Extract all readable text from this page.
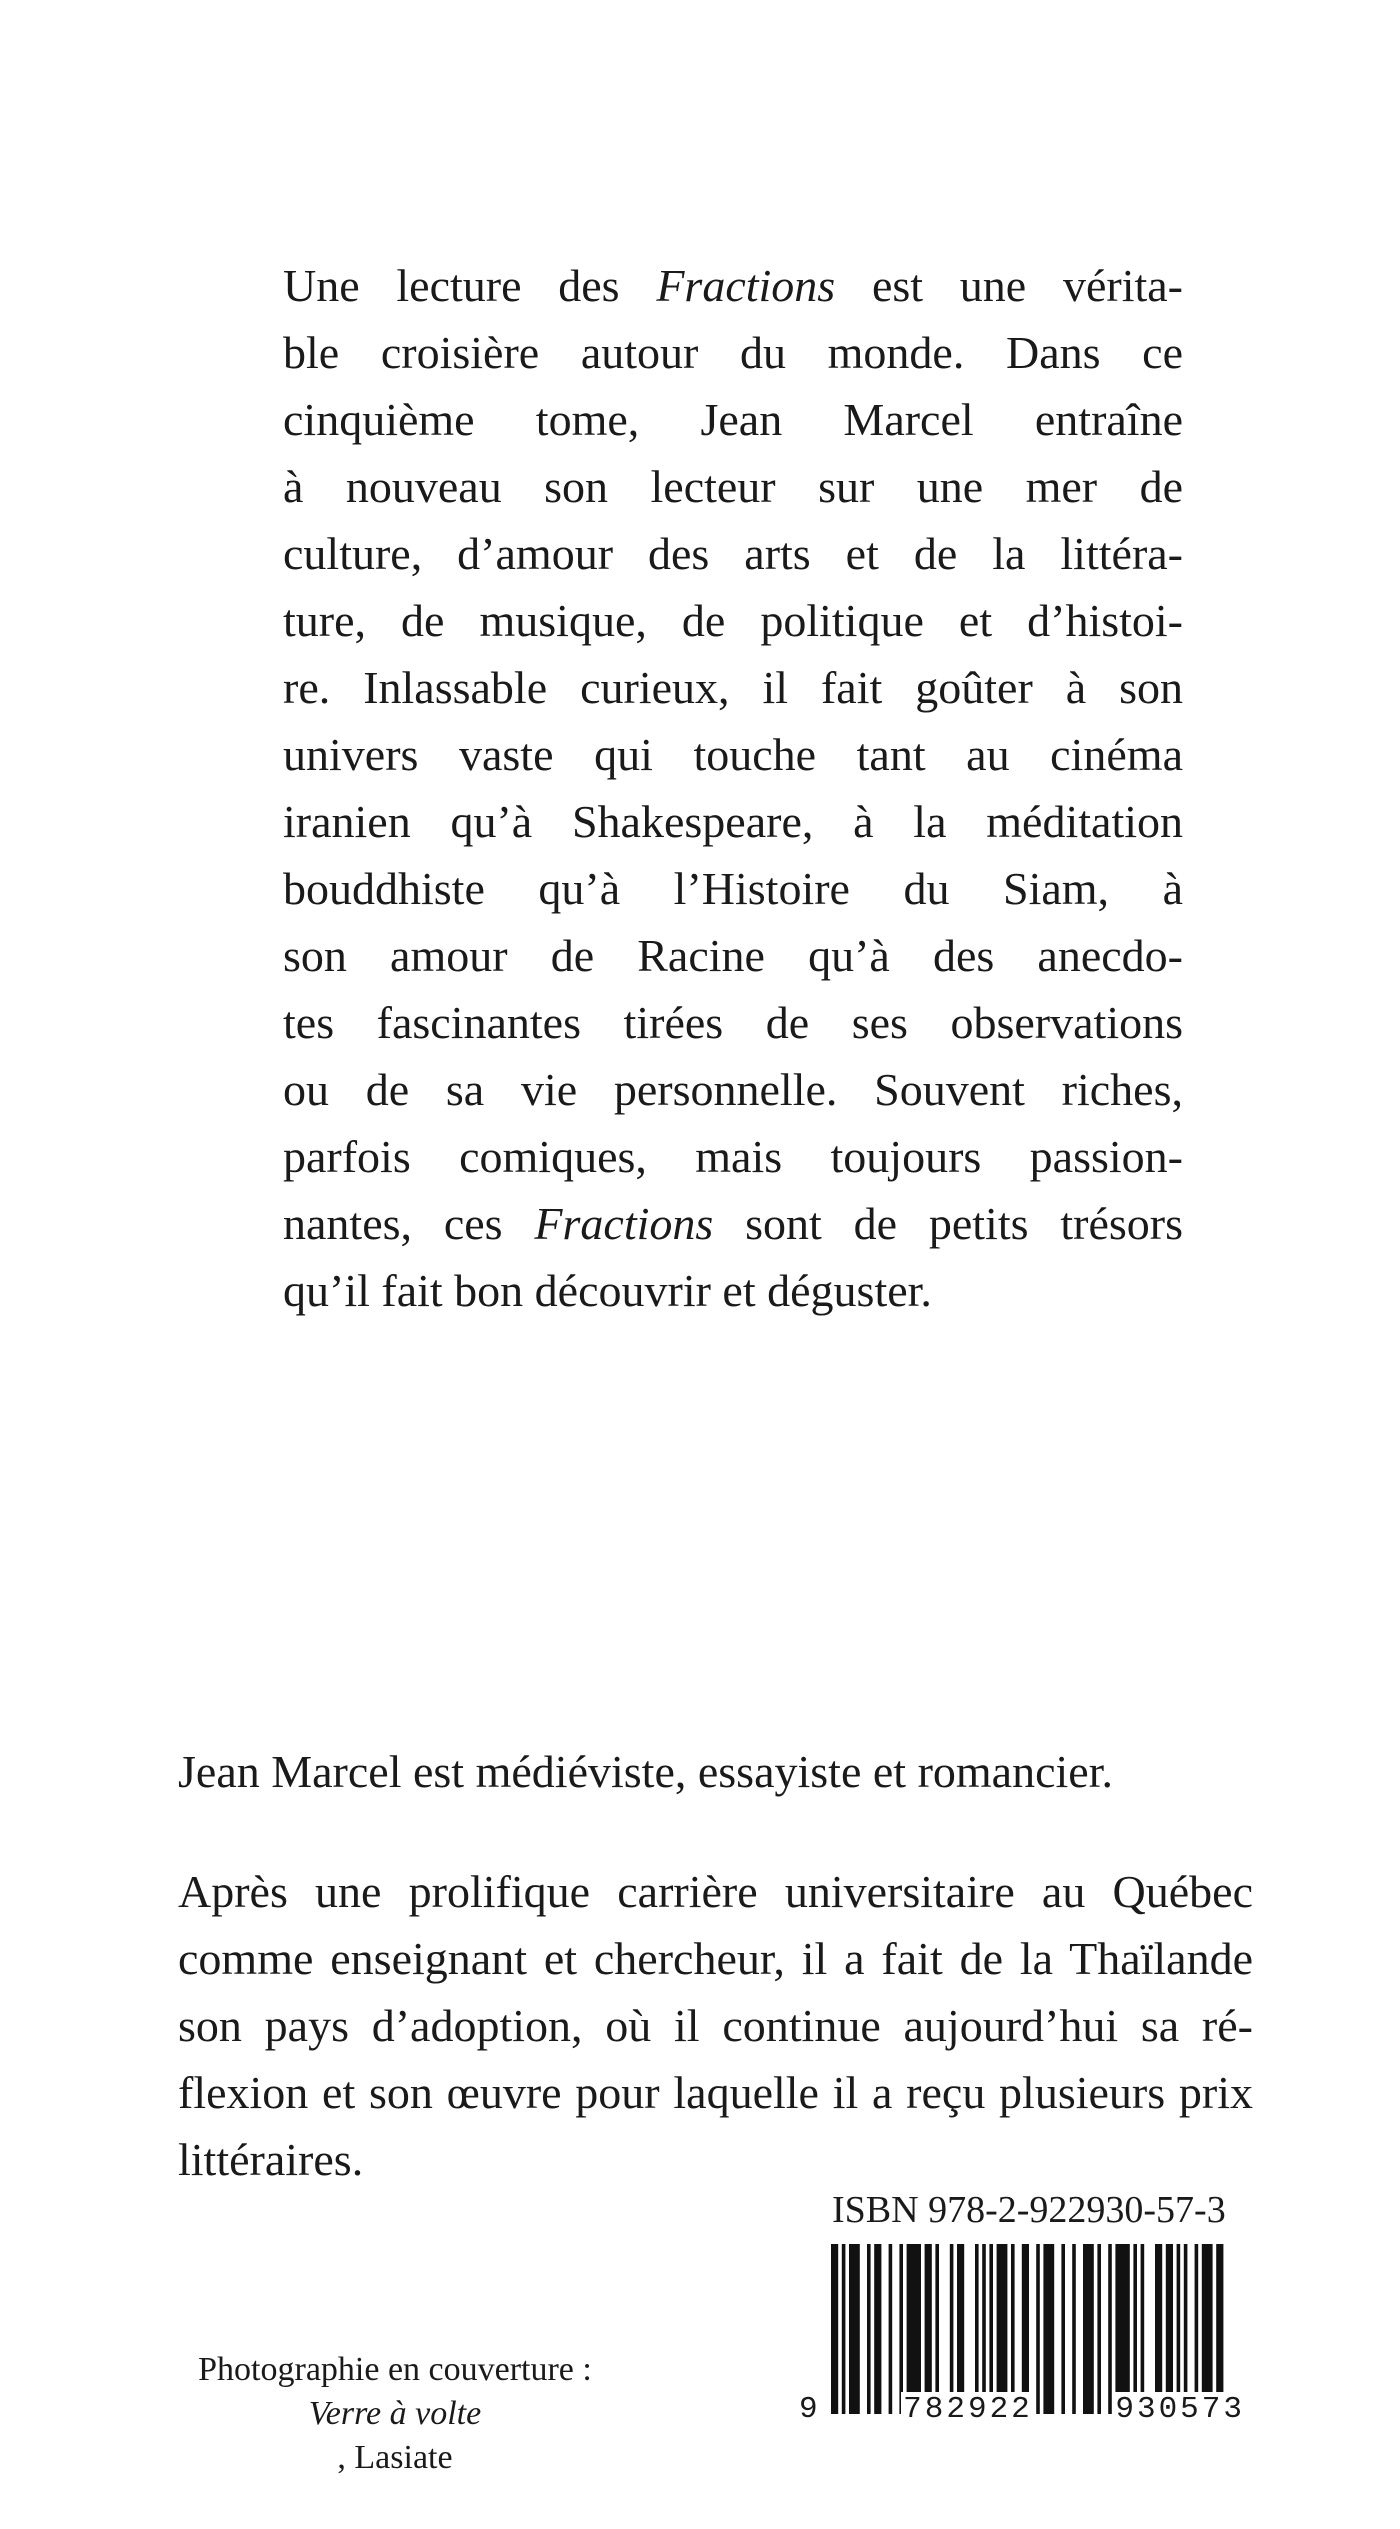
Une lecture des Fractions est une vérita-
ble croisière autour du monde. Dans ce
cinquième tome, Jean Marcel entraîne
à nouveau son lecteur sur une mer de
culture, d’amour des arts et de la littéra-
ture, de musique, de politique et d’histoi-
re. Inlassable curieux, il fait goûter à son
univers vaste qui touche tant au cinéma
iranien qu’à Shakespeare, à la méditation
bouddhiste qu’à l’Histoire du Siam, à
son amour de Racine qu’à des anecdo-
tes fascinantes tirées de ses observations
ou de sa vie personnelle. Souvent riches,
parfois comiques, mais toujours passion-
nantes, ces Fractions sont de petits trésors
qu’il fait bon découvrir et déguster.
Jean Marcel est médiéviste, essayiste et romancier.
Après une prolifique carrière universitaire au Québec
comme enseignant et chercheur, il a fait de la Thaïlande
son pays d’adoption, où il continue aujourd’hui sa ré-
flexion et son œuvre pour laquelle il a reçu plusieurs prix
littéraires.
ISBN 978-2-922930-57-3
9	782922	930573
Photographie en couverture :
Verre à volte
, Lasiate
